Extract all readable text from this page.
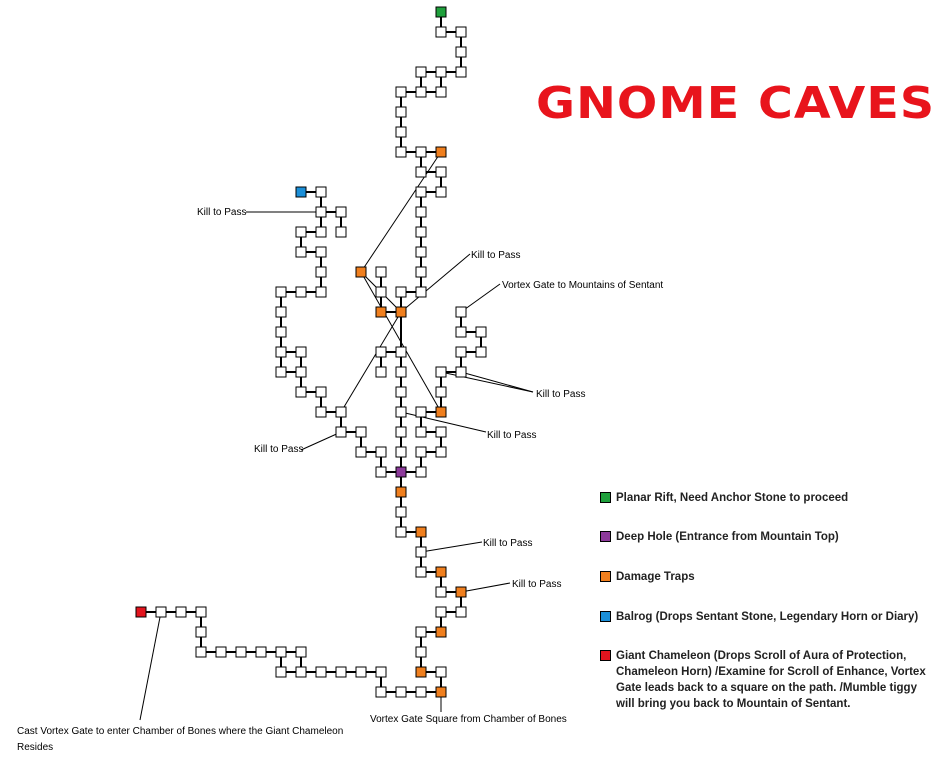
Kill to Pass
Kill to Pass
Vortex Gate to Mountains of Sentant
Kill to Pass
Kill to Pass
Kill to Pass
Kill to Pass
Kill to Pass
Vortex Gate Square from Chamber of Bones
Cast Vortex Gate to enter Chamber of Bones where the Giant Chameleon
Resides
GNOME CAVES
Planar Rift, Need Anchor Stone to proceed
Deep Hole (Entrance from Mountain Top)
Damage Traps
Balrog (Drops Sentant Stone, Legendary Horn or Diary)
Giant Chameleon (Drops Scroll of Aura of Protection, Chameleon Horn) /Examine for Scroll of Enhance, Vortex Gate leads back to a square on the path. /Mumble tiggy will bring you back to Mountain of Sentant.
